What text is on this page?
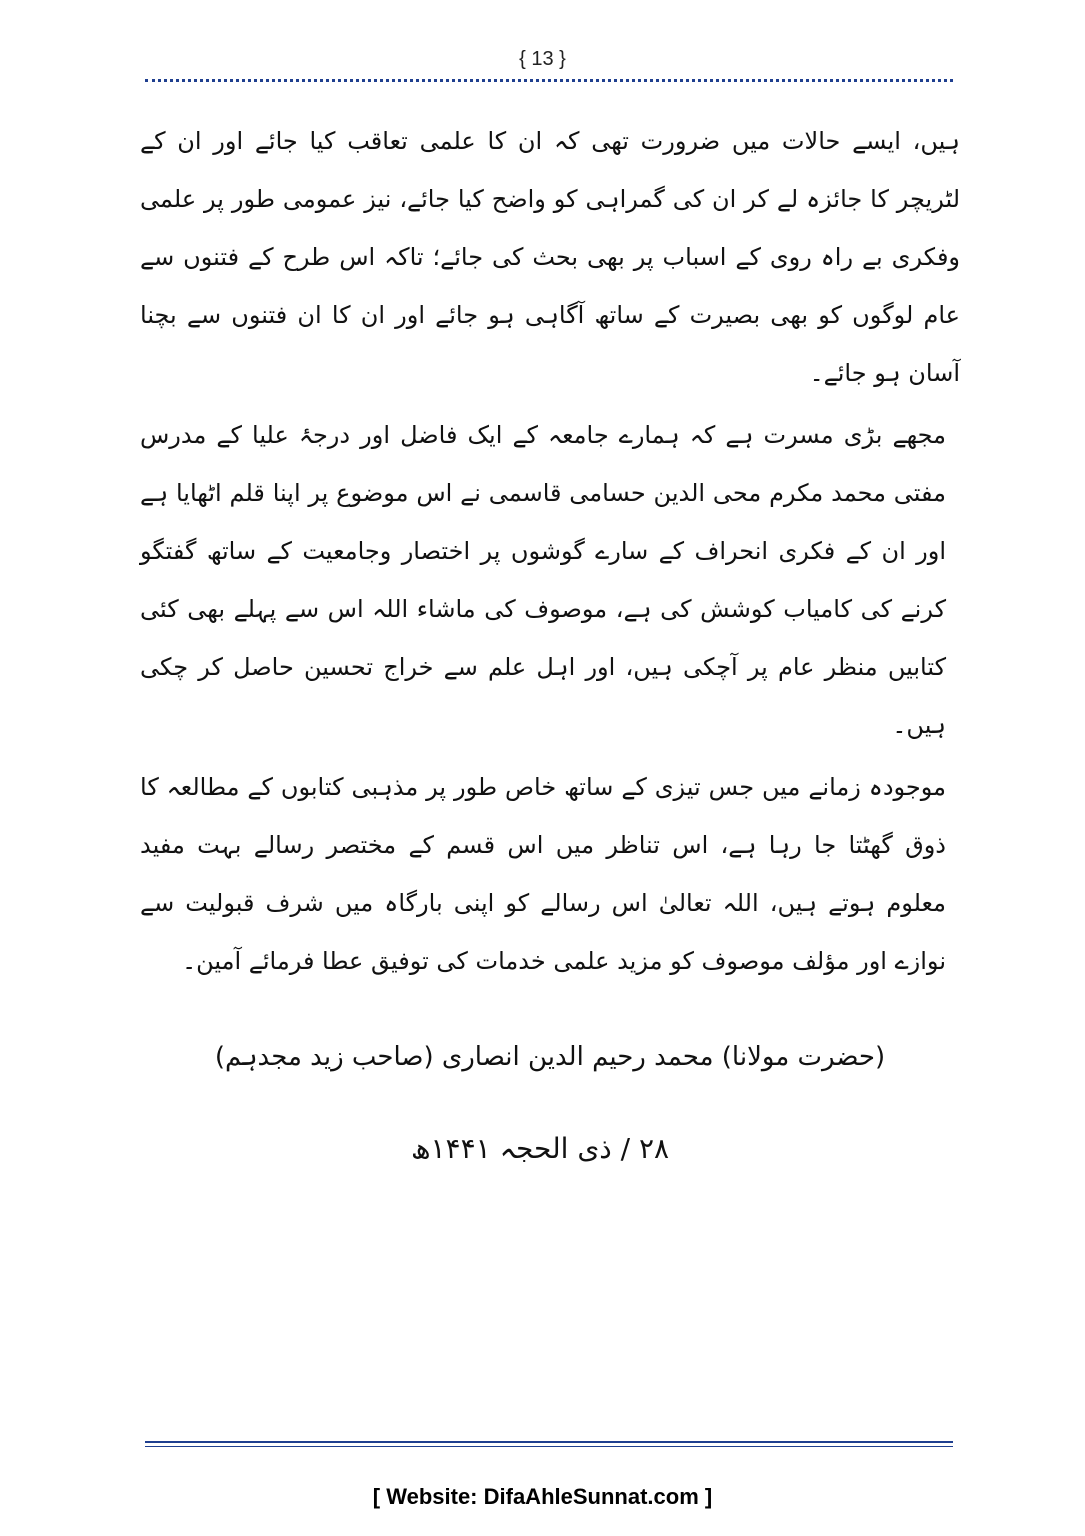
{ 13 }

ہیں، ایسے حالات میں ضرورت تھی کہ ان کا علمی تعاقب کیا جائے اور ان کے لٹریچر کا جائزہ لے کر ان کی گمراہی کو واضح کیا جائے، نیز عمومی طور پر علمی وفکری بے راہ روی کے اسباب پر بھی بحث کی جائے؛ تاکہ اس طرح کے فتنوں سے عام لوگوں کو بھی بصیرت کے ساتھ آگاہی ہو جائے اور ان کا ان فتنوں سے بچنا آسان ہو جائے۔

مجھے بڑی مسرت ہے کہ ہمارے جامعہ کے ایک فاضل اور درجۂ علیا کے مدرس مفتی محمد مکرم محی الدین حسامی قاسمی نے اس موضوع پر اپنا قلم اٹھایا ہے اور ان کے فکری انحراف کے سارے گوشوں پر اختصار وجامعیت کے ساتھ گفتگو کرنے کی کامیاب کوشش کی ہے، موصوف کی ماشاء اللہ اس سے پہلے بھی کئی کتابیں منظر عام پر آچکی ہیں، اور اہل علم سے خراج تحسین حاصل کر چکی ہیں۔

موجودہ زمانے میں جس تیزی کے ساتھ خاص طور پر مذہبی کتابوں کے مطالعہ کا ذوق گھٹتا جا رہا ہے، اس تناظر میں اس قسم کے مختصر رسالے بہت مفید معلوم ہوتے ہیں، اللہ تعالیٰ اس رسالے کو اپنی بارگاہ میں شرف قبولیت سے نوازے اور مؤلف موصوف کو مزید علمی خدمات کی توفیق عطا فرمائے آمین۔

(حضرت مولانا) محمد رحیم الدین انصاری (صاحب زید مجدہم)
۲۸ / ذی الحجہ ۱۴۴۱ھ
[ Website: DifaAhleSunnat.com ]
